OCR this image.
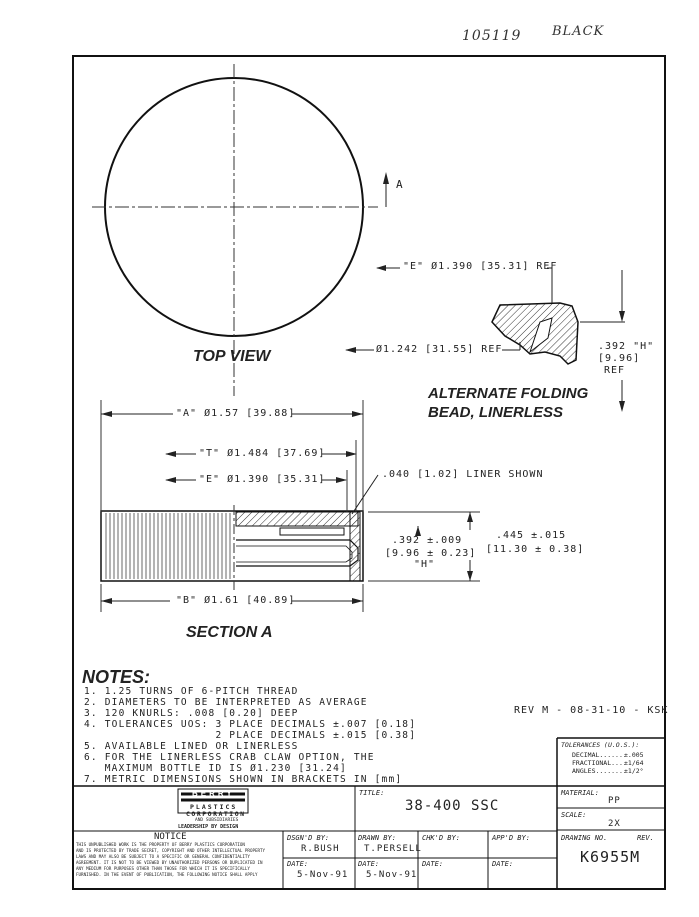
105119 BLACK
TOP VIEW
A
"E" Ø1.390 [35.31] REF
Ø1.242 [31.55] REF	.392 "H"
[9.96]
REF
ALTERNATE FOLDING
BEAD, LINERLESS
"A" Ø1.57 [39.88]
"T" Ø1.484 [37.69]
"E" Ø1.390 [35.31]	.040 [1.02] LINER SHOWN
.392 ±.009
[9.96 ± 0.23]
"H"
.445 ±.015
[11.30 ± 0.38]
"B" Ø1.61 [40.89]
SECTION A
NOTES:
1. 1.25 TURNS OF 6-PITCH THREAD
2. DIAMETERS TO BE INTERPRETED AS AVERAGE
3. 120 KNURLS: .008 [0.20] DEEP
4. TOLERANCES UOS: 3 PLACE DECIMALS ±.007 [0.18]
2 PLACE DECIMALS ±.015 [0.38]
5. AVAILABLE LINED OR LINERLESS
6. FOR THE LINERLESS CRAB CLAW OPTION, THE
MAXIMUM BOTTLE ID IS Ø1.230 [31.24]
7. METRIC DIMENSIONS SHOWN IN BRACKETS IN [mm]
REV M - 08-31-10 - KSK
TOLERANCES (U.O.S.):
DECIMAL.......
±.005
FRACTIONAL....
±1/64
ANGLES........
±1/2°
BERRY
PLASTICS
CORPORATION
AND SUBSIDIARIES
LEADERSHIP BY DESIGN
NOTICE
THIS UNPUBLISHED WORK IS THE PROPERTY OF BERRY PLASTICS CORPORATION
AND IS PROTECTED BY TRADE SECRET, COPYRIGHT AND OTHER INTELLECTUAL PROPERTY
LAWS AND MAY ALSO BE SUBJECT TO A SPECIFIC OR GENERAL CONFIDENTIALITY
AGREEMENT. IT IS NOT TO BE VIEWED BY UNAUTHORIZED PERSONS OR DUPLICATED IN
ANY MEDIUM FOR PURPOSES OTHER THAN THOSE FOR WHICH IT IS SPECIFICALLY
FURNISHED. IN THE EVENT OF PUBLICATION, THE FOLLOWING NOTICE SHALL APPLY
TITLE:
38-400 SSC
MATERIAL:
PP
SCALE:
2X
DSGN'D BY:
R.BUSH
DRAWN BY:
T.PERSELL
CHK'D BY:	APP'D BY:
DATE:
5-Nov-91
DATE:
5-Nov-91
DATE:	DATE:
DRAWING NO.	REV.
K6955M
